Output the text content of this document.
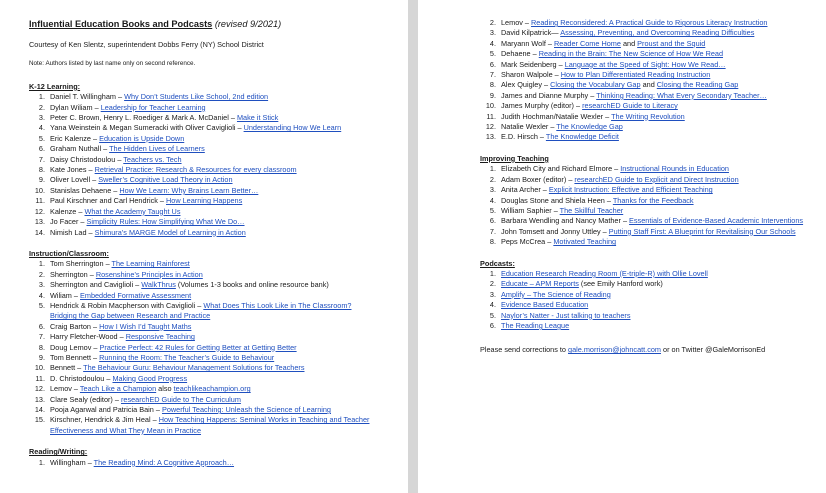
Influential Education Books and Podcasts (revised 9/2021)
Courtesy of Ken Slentz, superintendent Dobbs Ferry (NY) School District
Note: Authors listed by last name only on second reference.
K-12 Learning:
1. Daniel T. Willingham – Why Don’t Students Like School, 2nd edition
2. Dylan Wiliam – Leadership for Teacher Learning
3. Peter C. Brown, Henry L. Roediger & Mark A. McDaniel – Make it Stick
4. Yana Weinstein & Megan Sumeracki with Oliver Caviglioli – Understanding How We Learn
5. Eric Kalenze – Education is Upside Down
6. Graham Nuthall – The Hidden Lives of Learners
7. Daisy Christodoulou – Teachers vs. Tech
8. Kate Jones – Retrieval Practice: Research & Resources for every classroom
9. Oliver Lovell – Sweller’s Cognitive Load Theory in Action
10. Stanislas Dehaene – How We Learn: Why Brains Learn Better…
11. Paul Kirschner and Carl Hendrick – How Learning Happens
12. Kalenze – What the Academy Taught Us
13. Jo Facer – Simplicity Rules: How Simplifying What We Do…
14. Nimish Lad – Shimura’s MARGE Model of Learning in Action
Instruction/Classroom:
1. Tom Sherrington – The Learning Rainforest
2. Sherrington – Rosenshine’s Principles in Action
3. Sherrington and Caviglioli – WalkThrus (Volumes 1-3 books and online resource bank)
4. Wiliam – Embedded Formative Assessment
5. Hendrick & Robin Macpherson with Caviglioli – What Does This Look Like in The Classroom? Bridging the Gap between Research and Practice
6. Craig Barton – How I Wish I’d Taught Maths
7. Harry Fletcher-Wood – Responsive Teaching
8. Doug Lemov – Practice Perfect: 42 Rules for Getting Better at Getting Better
9. Tom Bennett – Running the Room: The Teacher’s Guide to Behaviour
10. Bennett – The Behaviour Guru: Behaviour Management Solutions for Teachers
11. D. Christodoulou – Making Good Progress
12. Lemov – Teach Like a Champion also teachlikeachampion.org
13. Clare Sealy (editor) – researchED Guide to The Curriculum
14. Pooja Agarwal and Patricia Bain – Powerful Teaching: Unleash the Science of Learning
15. Kirschner, Hendrick & Jim Heal – How Teaching Happens: Seminal Works in Teaching and Teacher Effectiveness and What They Mean in Practice
Reading/Writing:
1. Willingham – The Reading Mind: A Cognitive Approach…
2. Lemov – Reading Reconsidered: A Practical Guide to Rigorous Literacy Instruction
3. David Kilpatrick— Assessing, Preventing, and Overcoming Reading Difficulties
4. Maryann Wolf – Reader Come Home and Proust and the Squid
5. Dehaene – Reading in the Brain: The New Science of How We Read
6. Mark Seidenberg – Language at the Speed of Sight: How We Read…
7. Sharon Walpole – How to Plan Differentiated Reading Instruction
8. Alex Quigley – Closing the Vocabulary Gap and Closing the Reading Gap
9. James and Dianne Murphy – Thinking Reading: What Every Secondary Teacher…
10. James Murphy (editor) – researchED Guide to Literacy
11. Judith Hochman/Natalie Wexler – The Writing Revolution
12. Natalie Wexler – The Knowledge Gap
13. E.D. Hirsch – The Knowledge Deficit
Improving Teaching
1. Elizabeth City and Richard Elmore – Instructional Rounds in Education
2. Adam Boxer (editor) – researchED Guide to Explicit and Direct Instruction
3. Anita Archer – Explicit Instruction: Effective and Efficient Teaching
4. Douglas Stone and Shiela Heen – Thanks for the Feedback
5. William Saphier – The Skillful Teacher
6. Barbara Wendling and Nancy Mather – Essentials of Evidence-Based Academic Interventions
7. John Tomsett and Jonny Uttley – Putting Staff First: A Blueprint for Revitalising Our Schools
8. Peps McCrea – Motivated Teaching
Podcasts:
1. Education Research Reading Room (E-triple-R) with Ollie Lovell
2. Educate – APM Reports (see Emily Hanford work)
3. Amplify – The Science of Reading
4. Evidence Based Education
5. Naylor’s Natter - Just talking to teachers
6. The Reading League
Please send corrections to gale.morrison@johncatt.com or on Twitter @GaleMorrisonEd
